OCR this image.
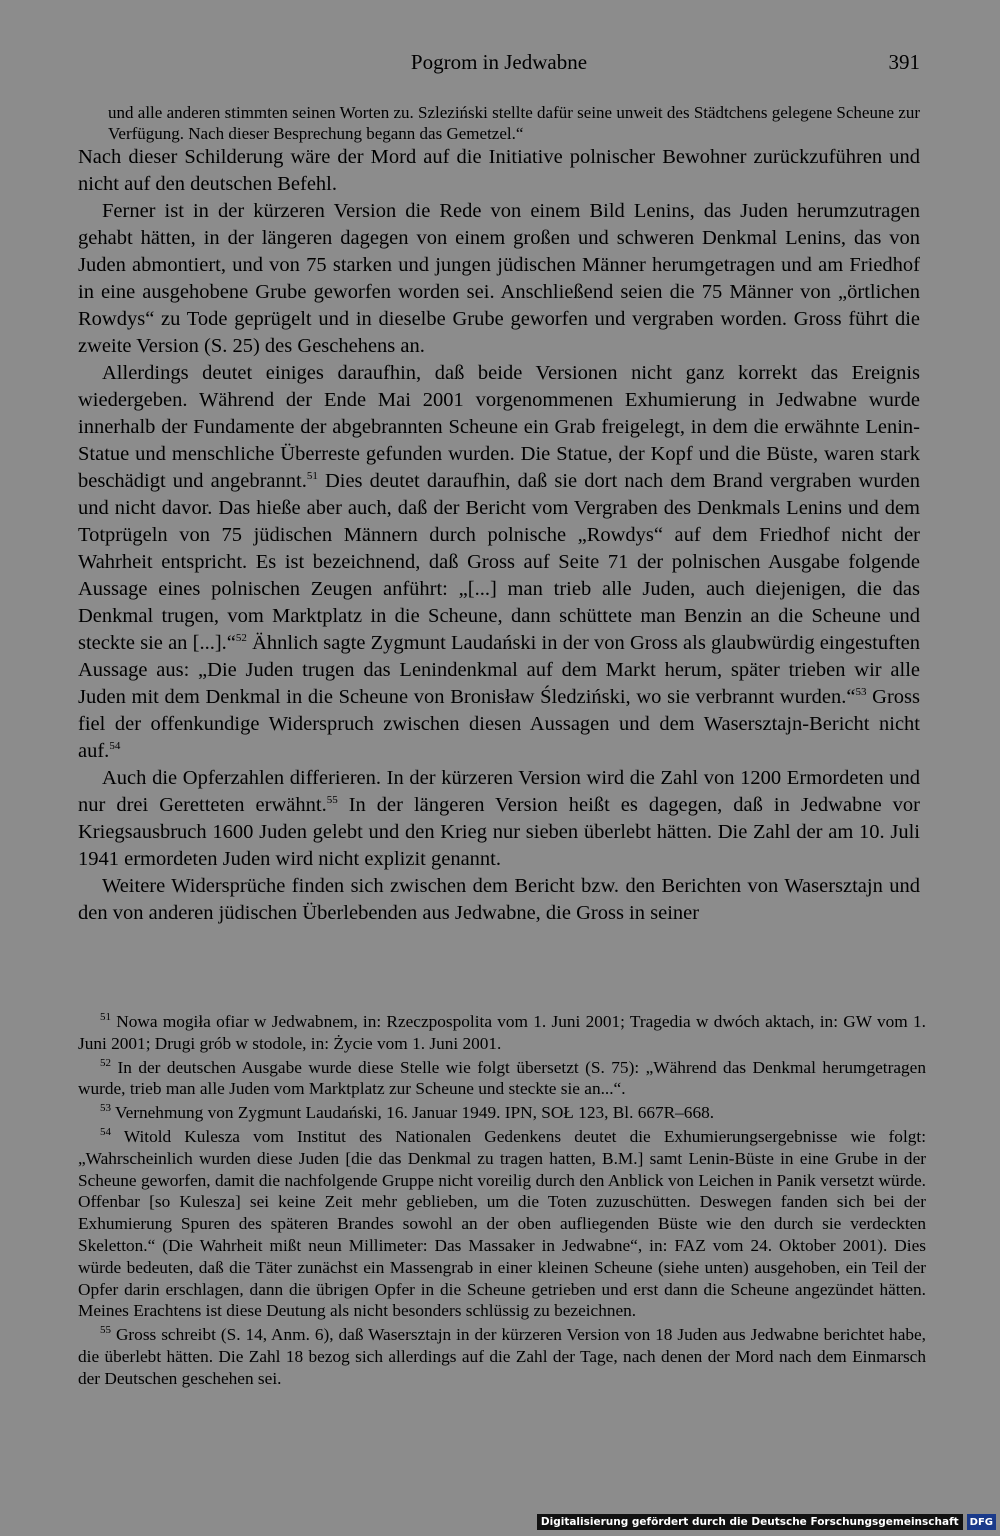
Pogrom in Jedwabne	391

und alle anderen stimmten seinen Worten zu. Szleziński stellte dafür seine unweit des Städtchens gelegene Scheune zur Verfügung. Nach dieser Besprechung begann das Gemetzel.“

Nach dieser Schilderung wäre der Mord auf die Initiative polnischer Bewohner zurückzuführen und nicht auf den deutschen Befehl.

Ferner ist in der kürzeren Version die Rede von einem Bild Lenins, das Juden herumzutragen gehabt hätten, in der längeren dagegen von einem großen und schweren Denkmal Lenins, das von Juden abmontiert, und von 75 starken und jungen jüdischen Männer herumgetragen und am Friedhof in eine ausgehobene Grube geworfen worden sei. Anschließend seien die 75 Männer von „örtlichen Rowdys“ zu Tode geprügelt und in dieselbe Grube geworfen und vergraben worden. Gross führt die zweite Version (S. 25) des Geschehens an.

Allerdings deutet einiges daraufhin, daß beide Versionen nicht ganz korrekt das Ereignis wiedergeben. Während der Ende Mai 2001 vorgenommenen Exhumierung in Jedwabne wurde innerhalb der Fundamente der abgebrannten Scheune ein Grab freigelegt, in dem die erwähnte Lenin-Statue und menschliche Überreste gefunden wurden. Die Statue, der Kopf und die Büste, waren stark beschädigt und angebrannt.$^{51}$ Dies deutet daraufhin, daß sie dort nach dem Brand vergraben wurden und nicht davor. Das hieße aber auch, daß der Bericht vom Vergraben des Denkmals Lenins und dem Totprügeln von 75 jüdischen Männern durch polnische „Rowdys“ auf dem Friedhof nicht der Wahrheit entspricht. Es ist bezeichnend, daß Gross auf Seite 71 der polnischen Ausgabe folgende Aussage eines polnischen Zeugen anführt: „[...] man trieb alle Juden, auch diejenigen, die das Denkmal trugen, vom Marktplatz in die Scheune, dann schüttete man Benzin an die Scheune und steckte sie an [...].“$^{52}$ Ähnlich sagte Zygmunt Laudański in der von Gross als glaubwürdig eingestuften Aussage aus: „Die Juden trugen das Lenindenkmal auf dem Markt herum, später trieben wir alle Juden mit dem Denkmal in die Scheune von Bronisław Śledziński, wo sie verbrannt wurden.“$^{53}$ Gross fiel der offenkundige Widerspruch zwischen diesen Aussagen und dem Wasersztajn-Bericht nicht auf.$^{54}$

Auch die Opferzahlen differieren. In der kürzeren Version wird die Zahl von 1200 Ermordeten und nur drei Geretteten erwähnt.$^{55}$ In der längeren Version heißt es dagegen, daß in Jedwabne vor Kriegsausbruch 1600 Juden gelebt und den Krieg nur sieben überlebt hätten. Die Zahl der am 10. Juli 1941 ermordeten Juden wird nicht explizit genannt.

Weitere Widersprüche finden sich zwischen dem Bericht bzw. den Berichten von Wasersztajn und den von anderen jüdischen Überlebenden aus Jedwabne, die Gross in seiner

$^{51}$ Nowa mogiła ofiar w Jedwabnem, in: Rzeczpospolita vom 1. Juni 2001; Tragedia w dwóch aktach, in: GW vom 1. Juni 2001; Drugi grób w stodole, in: Życie vom 1. Juni 2001.

$^{52}$ In der deutschen Ausgabe wurde diese Stelle wie folgt übersetzt (S. 75): „Während das Denkmal herumgetragen wurde, trieb man alle Juden vom Marktplatz zur Scheune und steckte sie an...“.

$^{53}$ Vernehmung von Zygmunt Laudański, 16. Januar 1949. IPN, SOŁ 123, Bl. 667R–668.

$^{54}$ Witold Kulesza vom Institut des Nationalen Gedenkens deutet die Exhumierungsergebnisse wie folgt: „Wahrscheinlich wurden diese Juden [die das Denkmal zu tragen hatten, B.M.] samt Lenin-Büste in eine Grube in der Scheune geworfen, damit die nachfolgende Gruppe nicht voreilig durch den Anblick von Leichen in Panik versetzt würde. Offenbar [so Kulesza] sei keine Zeit mehr geblieben, um die Toten zuzuschütten. Deswegen fanden sich bei der Exhumierung Spuren des späteren Brandes sowohl an der oben aufliegenden Büste wie den durch sie verdeckten Skeletton.“ (Die Wahrheit mißt neun Millimeter: Das Massaker in Jedwabne“, in: FAZ vom 24. Oktober 2001). Dies würde bedeuten, daß die Täter zunächst ein Massengrab in einer kleinen Scheune (siehe unten) ausgehoben, ein Teil der Opfer darin erschlagen, dann die übrigen Opfer in die Scheune getrieben und erst dann die Scheune angezündet hätten. Meines Erachtens ist diese Deutung als nicht besonders schlüssig zu bezeichnen.

$^{55}$ Gross schreibt (S. 14, Anm. 6), daß Wasersztajn in der kürzeren Version von 18 Juden aus Jedwabne berichtet habe, die überlebt hätten. Die Zahl 18 bezog sich allerdings auf die Zahl der Tage, nach denen der Mord nach dem Einmarsch der Deutschen geschehen sei.

Digitalisierung gefördert durch die Deutsche Forschungsgemeinschaft	DFG
